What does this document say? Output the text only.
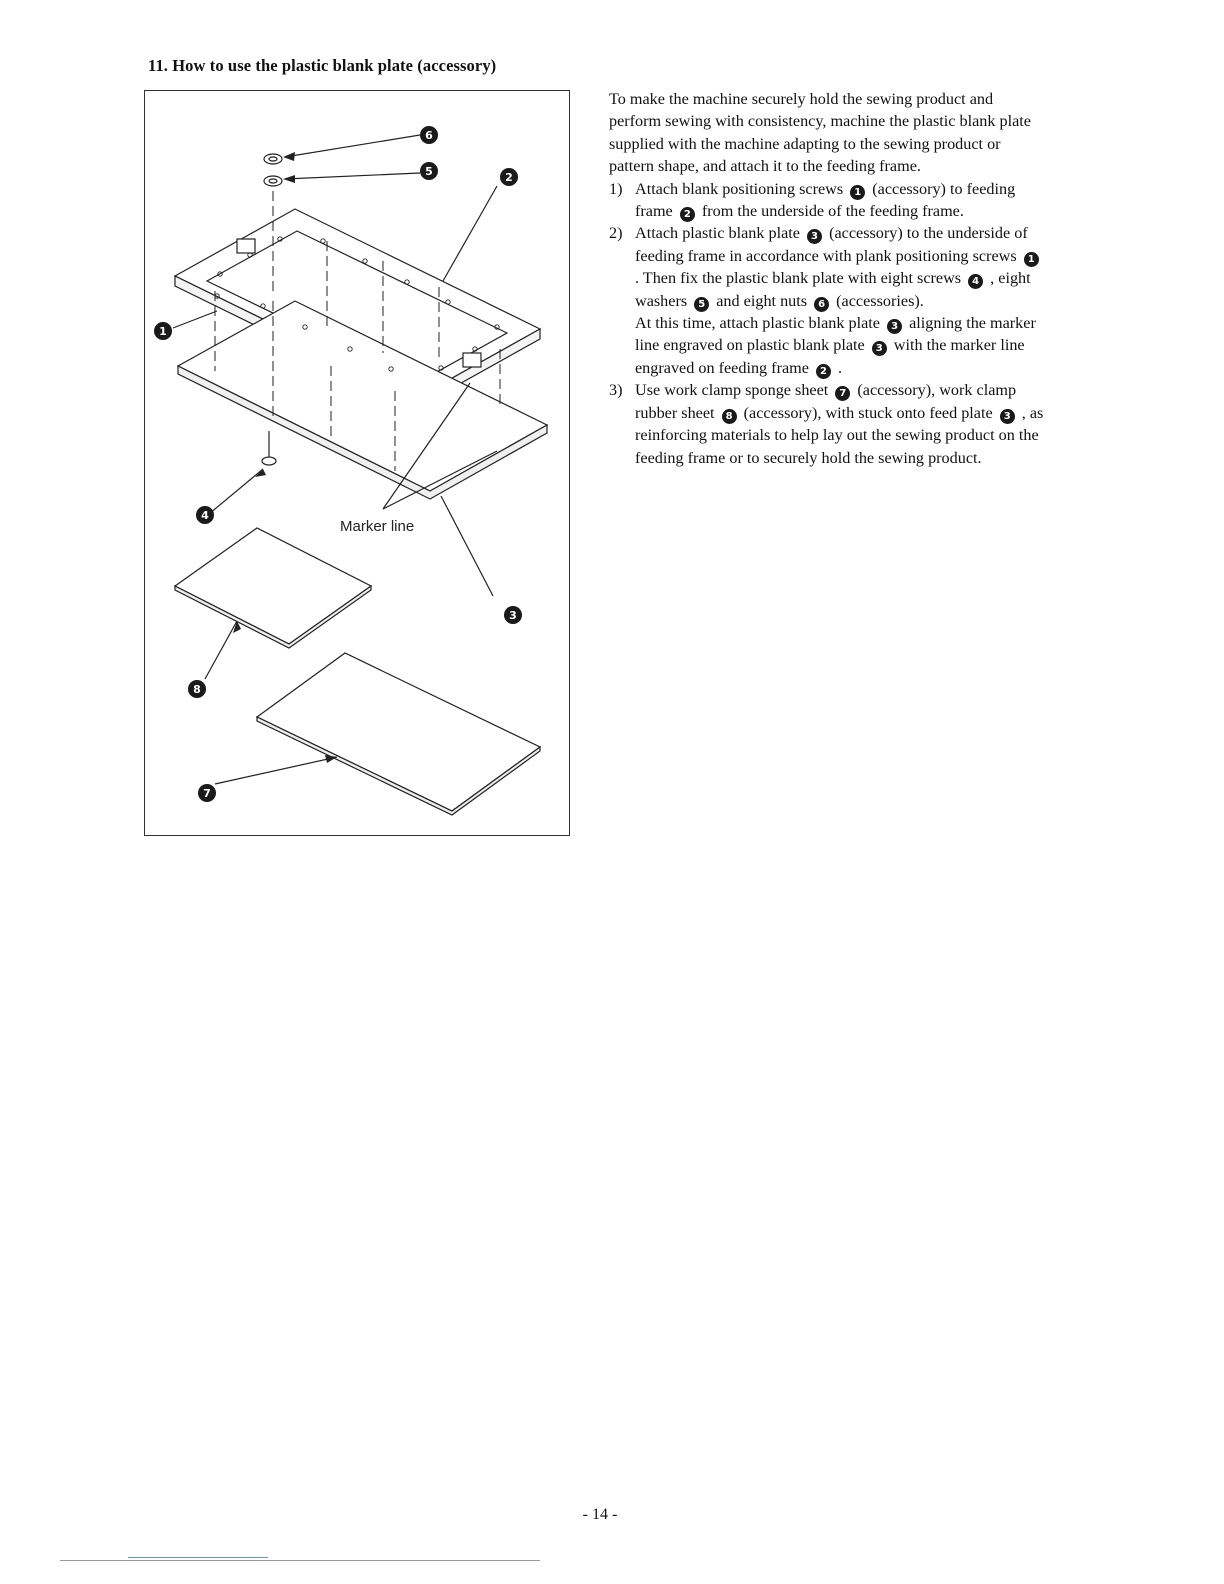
11. How to use the plastic blank plate (accessory)
6
5	2
1
4
3
8
7
Marker line

To make the machine securely hold the sewing product and perform sewing with consistency, machine the plastic blank plate supplied with the machine adapting to the sewing product or pattern shape, and attach it to the feeding frame.

1) Attach blank positioning screws 1 (accessory) to feeding frame 2 from the underside of the feeding frame.

2) Attach plastic blank plate 3 (accessory) to the underside of feeding frame in accordance with plank positioning screws 1 . Then fix the plastic blank plate with eight screws 4 , eight washers 5 and eight nuts 6 (accessories).
At this time, attach plastic blank plate 3 aligning the marker line engraved on plastic blank plate 3 with the marker line engraved on feeding frame 2 .

3) Use work clamp sponge sheet 7 (accessory), work clamp rubber sheet 8 (accessory), with stuck onto feed plate 3 , as reinforcing materials to help lay out the sewing product on the feeding frame or to securely hold the sewing product.

- 14 -
